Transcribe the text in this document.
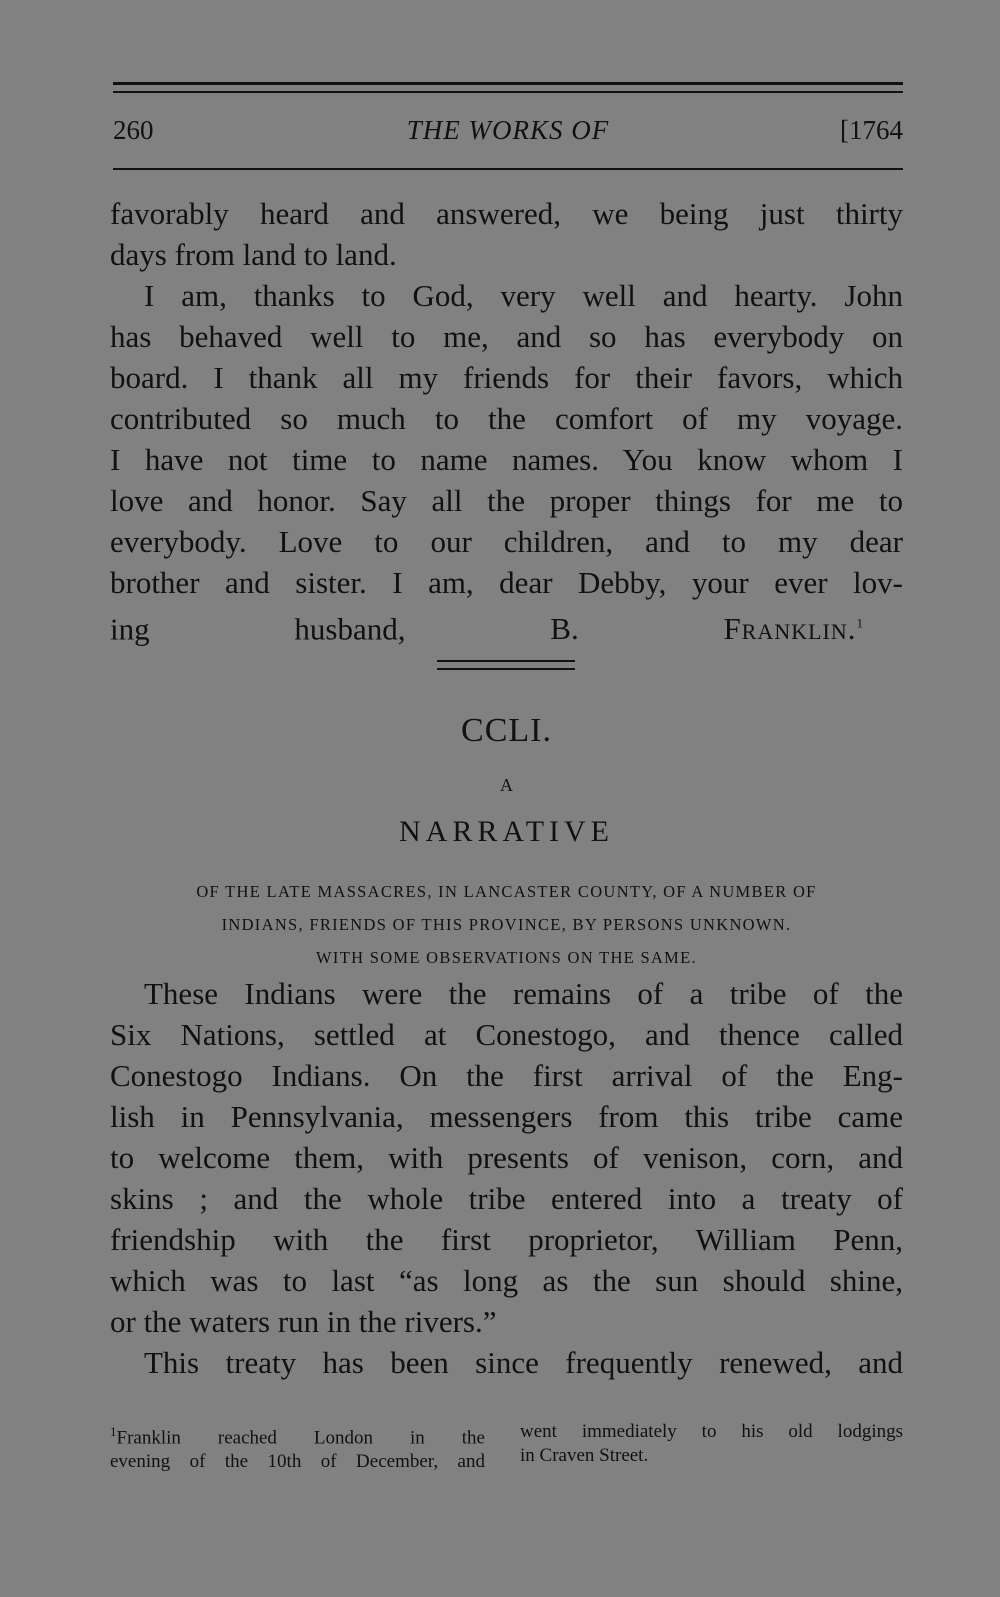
260	THE WORKS OF	[1764
favorably heard and answered, we being just thirty
days from land to land.
I am, thanks to God, very well and hearty. John
has behaved well to me, and so has everybody on
board. I thank all my friends for their favors, which
contributed so much to the comfort of my voyage.
I have not time to name names. You know whom I
love and honor. Say all the proper things for me to
everybody. Love to our children, and to my dear
brother and sister. I am, dear Debby, your ever lov-
ing husband,	B.	Franklin.$^1$
CCLI.
A
NARRATIVE
OF THE LATE MASSACRES, IN LANCASTER COUNTY, OF A NUMBER OF
INDIANS, FRIENDS OF THIS PROVINCE, BY PERSONS UNKNOWN.
WITH SOME OBSERVATIONS ON THE SAME.
These Indians were the remains of a tribe of the
Six Nations, settled at Conestogo, and thence called
Conestogo Indians. On the first arrival of the Eng-
lish in Pennsylvania, messengers from this tribe came
to welcome them, with presents of venison, corn, and
skins ; and the whole tribe entered into a treaty of
friendship with the first proprietor, William Penn,
which was to last “as long as the sun should shine,
or the waters run in the rivers.”
This treaty has been since frequently renewed, and
$^1$Franklin reached London in the
evening of the 10th of December, and
went immediately to his old lodgings
in Craven Street.
